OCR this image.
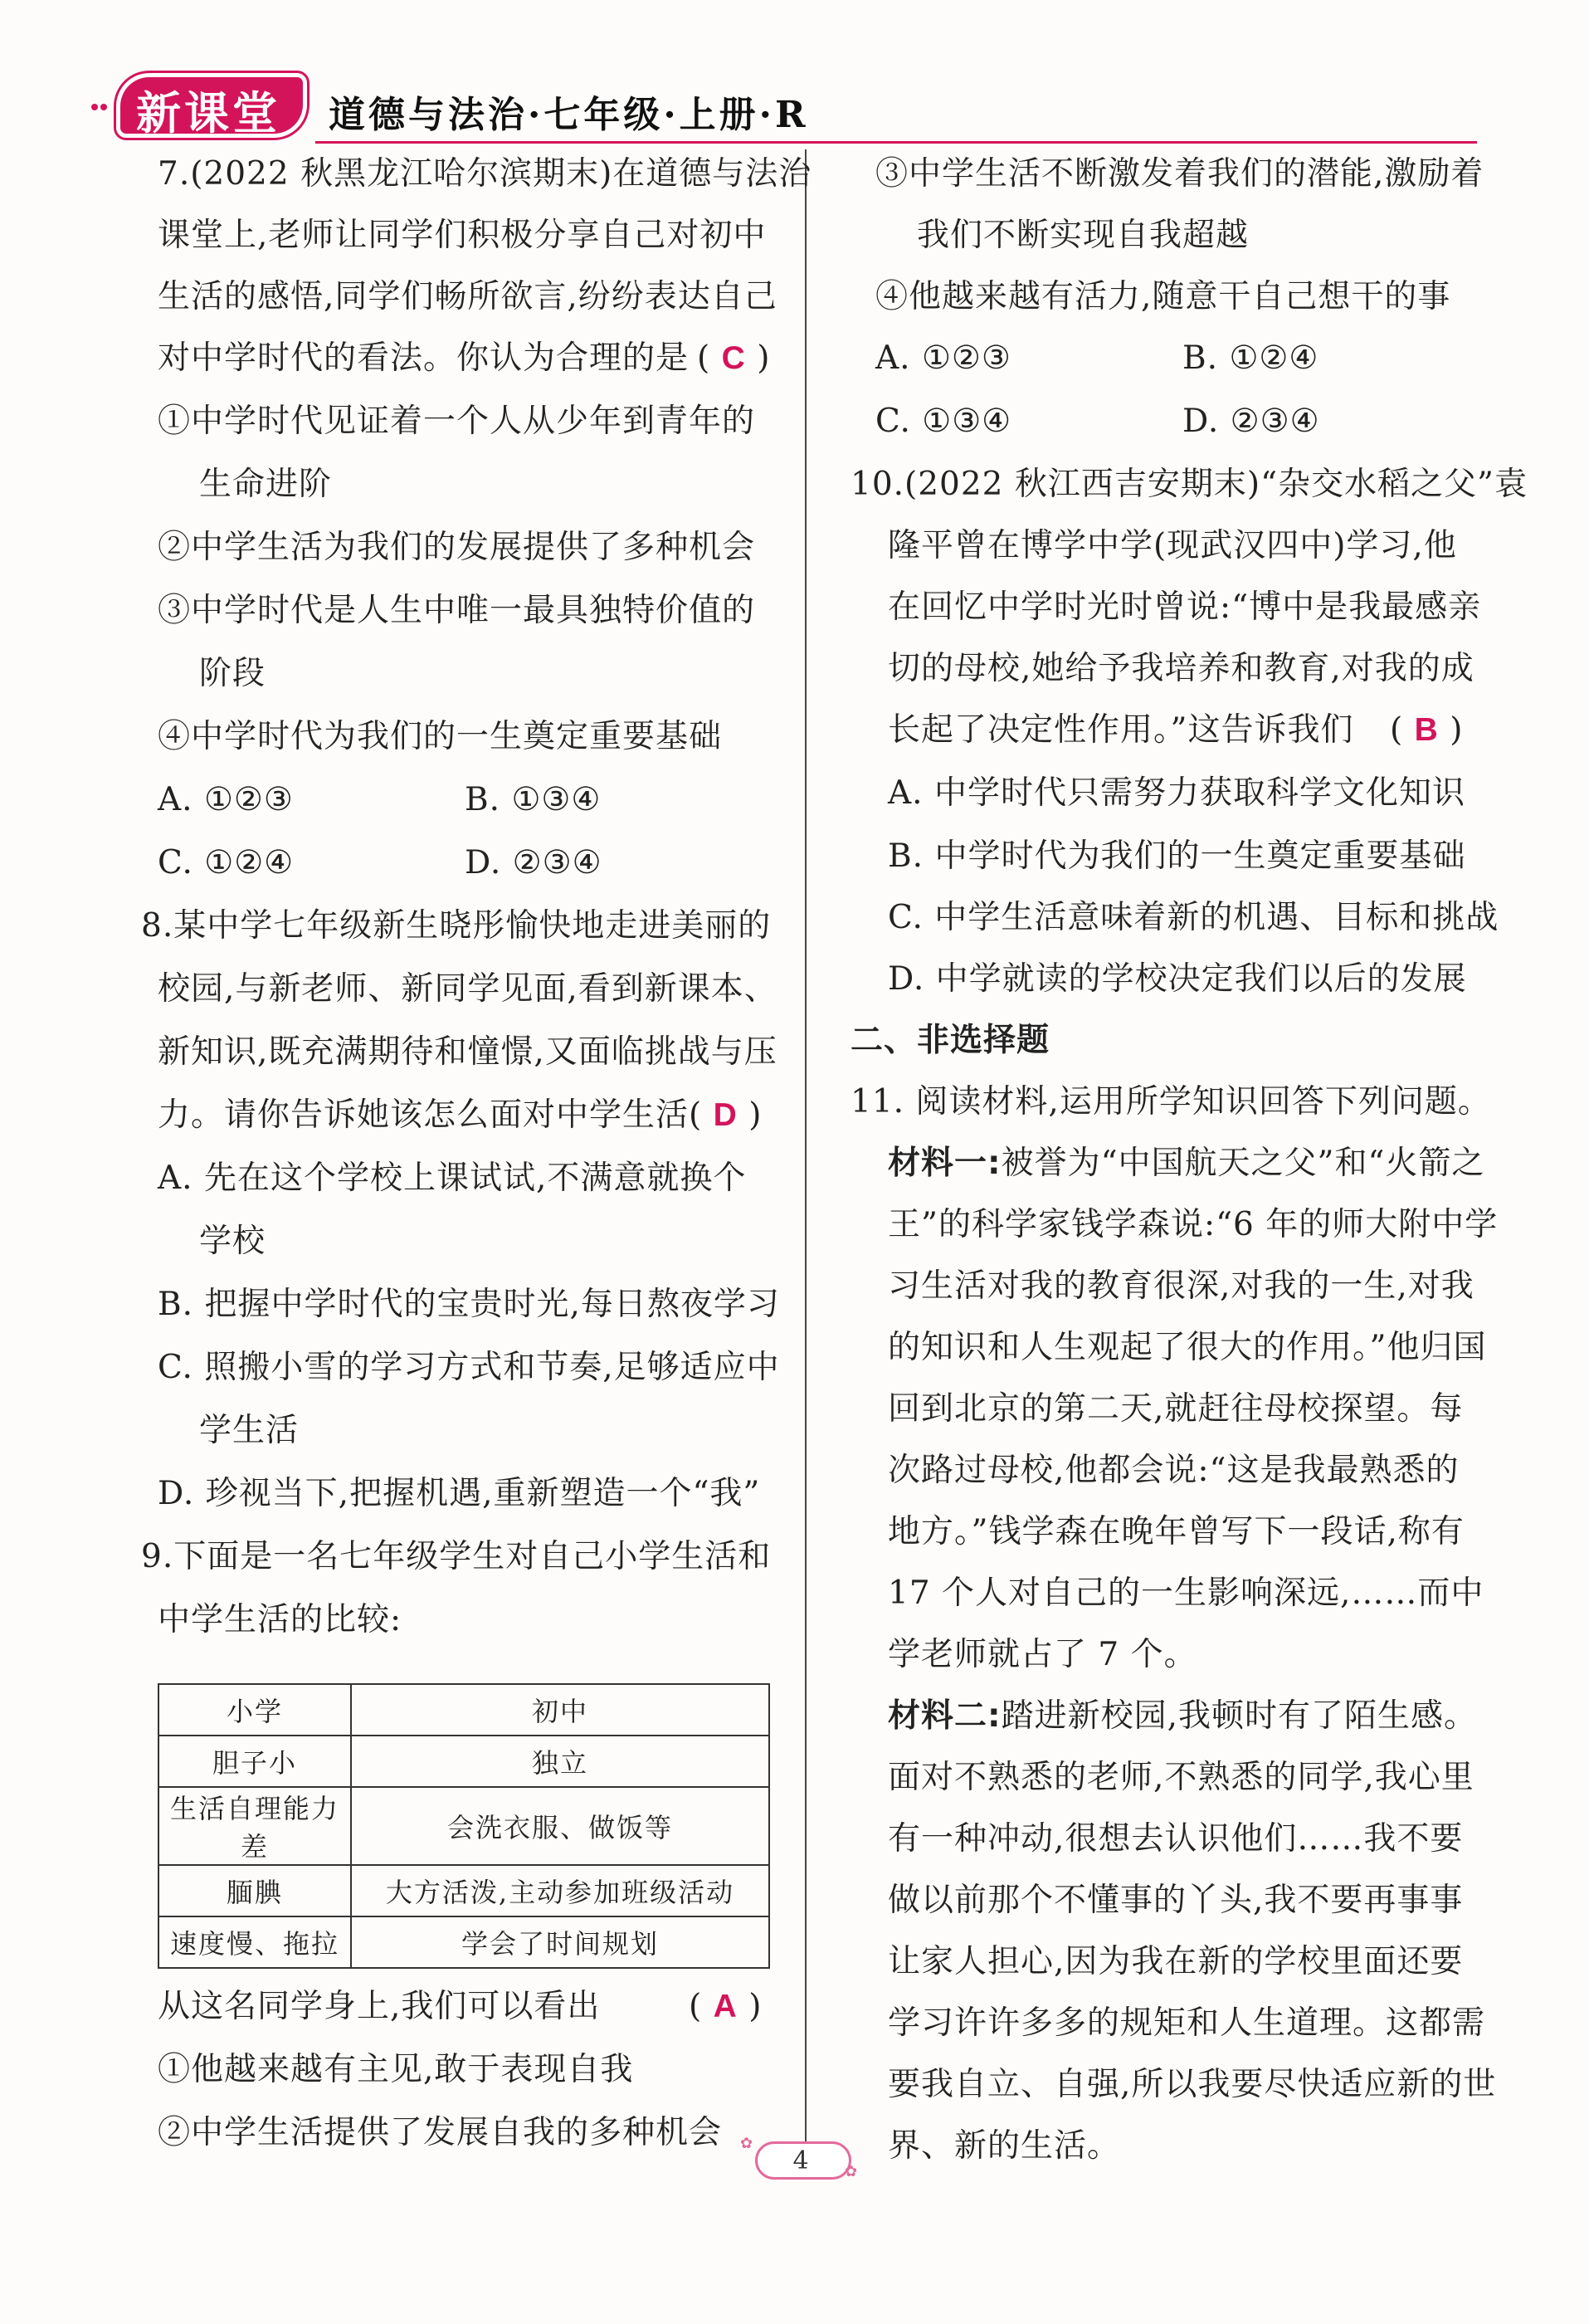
新课堂 道德与法治·七年级·上册·R
7.(2022 秋黑龙江哈尔滨期末)在道德与法治
课堂上,老师让同学们积极分享自己对初中
生活的感悟,同学们畅所欲言,纷纷表达自己
对中学时代的看法。你认为合理的是 ( C )
①中学时代见证着一个人从少年到青年的
生命进阶
②中学生活为我们的发展提供了多种机会
③中学时代是人生中唯一最具独特价值的
阶段
④中学时代为我们的一生奠定重要基础
A. ①②③	B. ①③④
C. ①②④	D. ②③④
8.某中学七年级新生晓彤愉快地走进美丽的
校园,与新老师、新同学见面,看到新课本、
新知识,既充满期待和憧憬,又面临挑战与压
力。请你告诉她该怎么面对中学生活 ( D )
A. 先在这个学校上课试试,不满意就换个
学校
B. 把握中学时代的宝贵时光,每日熬夜学习
C. 照搬小雪的学习方式和节奏,足够适应中
学生活
D. 珍视当下,把握机遇,重新塑造一个“我”
9.下面是一名七年级学生对自己小学生活和
中学生活的比较:
小学	初中
胆子小	独立
生活自理能力差	会洗衣服、做饭等
腼腆	大方活泼,主动参加班级活动
速度慢、拖拉	学会了时间规划
从这名同学身上,我们可以看出	( A )
①他越来越有主见,敢于表现自我
②中学生活提供了发展自我的多种机会
③中学生活不断激发着我们的潜能,激励着
我们不断实现自我超越
④他越来越有活力,随意干自己想干的事
A. ①②③	B. ①②④
C. ①③④	D. ②③④
10.(2022 秋江西吉安期末)“杂交水稻之父”袁
隆平曾在博学中学(现武汉四中)学习,他
在回忆中学时光时曾说:“博中是我最感亲
切的母校,她给予我培养和教育,对我的成
长起了决定性作用。”这告诉我们 ( B )
A. 中学时代只需努力获取科学文化知识
B. 中学时代为我们的一生奠定重要基础
C. 中学生活意味着新的机遇、目标和挑战
D. 中学就读的学校决定我们以后的发展
二、非选择题
11. 阅读材料,运用所学知识回答下列问题。
材料一:被誉为“中国航天之父”和“火箭之
王”的科学家钱学森说:“6 年的师大附中学
习生活对我的教育很深,对我的一生,对我
的知识和人生观起了很大的作用。”他归国
回到北京的第二天,就赶往母校探望。每
次路过母校,他都会说:“这是我最熟悉的
地方。”钱学森在晚年曾写下一段话,称有
17 个人对自己的一生影响深远,……而中
学老师就占了 7 个。
材料二:踏进新校园,我顿时有了陌生感。
面对不熟悉的老师,不熟悉的同学,我心里
有一种冲动,很想去认识他们……我不要
做以前那个不懂事的丫头,我不要再事事
让家人担心,因为我在新的学校里面还要
学习许许多多的规矩和人生道理。这都需
要我自立、自强,所以我要尽快适应新的世
界、新的生活。
4
✿
✿
